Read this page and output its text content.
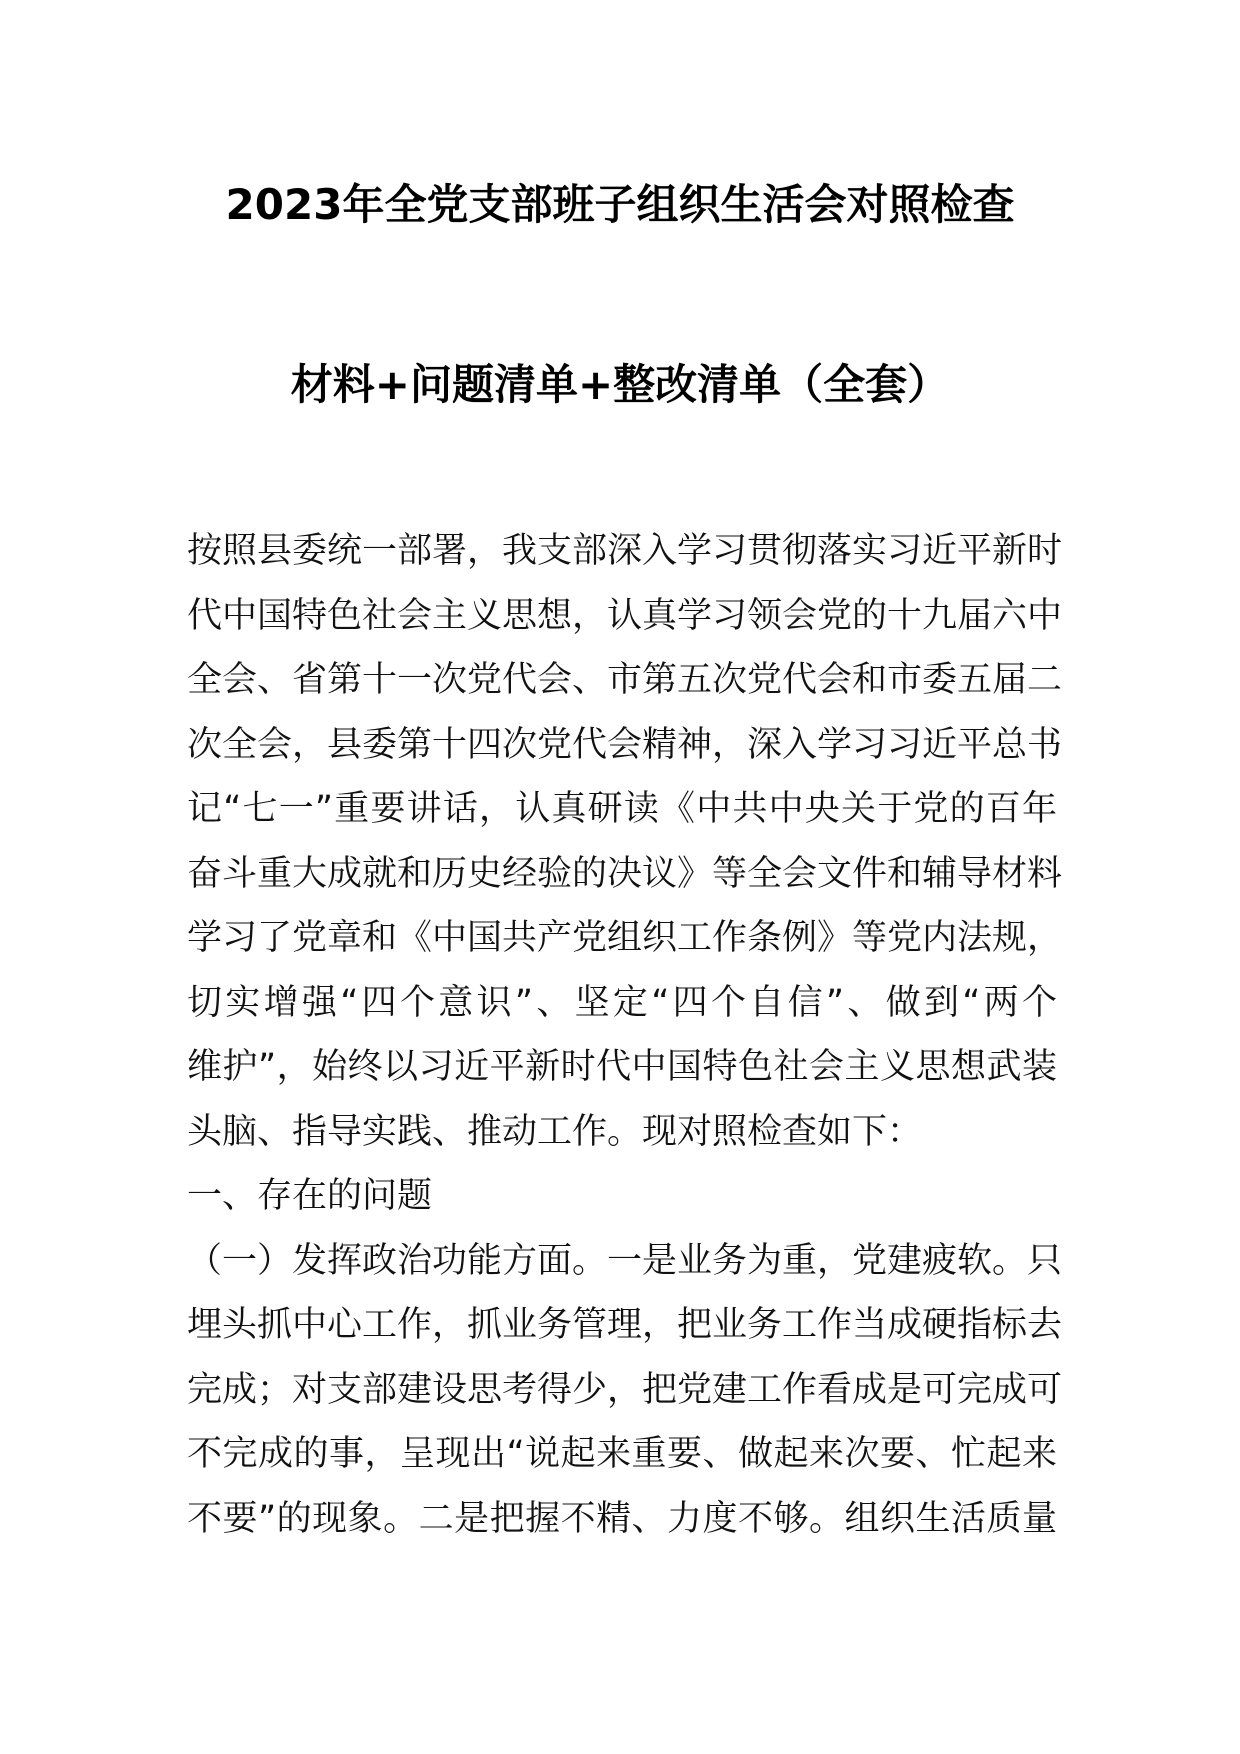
2023年全党支部班子组织生活会对照检查
材料+问题清单+整改清单（全套）
按照县委统一部署，我支部深入学习贯彻落实习近平新时
代中国特色社会主义思想，认真学习领会党的十九届六中
全会、省第十一次党代会、市第五次党代会和市委五届二
次全会，县委第十四次党代会精神，深入学习习近平总书
记“七一”重要讲话，认真研读《中共中央关于党的百年
奋斗重大成就和历史经验的决议》等全会文件和辅导材料
学习了党章和《中国共产党组织工作条例》等党内法规，
切实增强“四个意识”、坚定“四个自信”、做到“两个
维护”，始终以习近平新时代中国特色社会主义思想武装
头脑、指导实践、推动工作。现对照检查如下：
一、存在的问题
（一）发挥政治功能方面。一是业务为重，党建疲软。只
埋头抓中心工作，抓业务管理，把业务工作当成硬指标去
完成；对支部建设思考得少，把党建工作看成是可完成可
不完成的事，呈现出“说起来重要、做起来次要、忙起来
不要”的现象。二是把握不精、力度不够。组织生活质量
